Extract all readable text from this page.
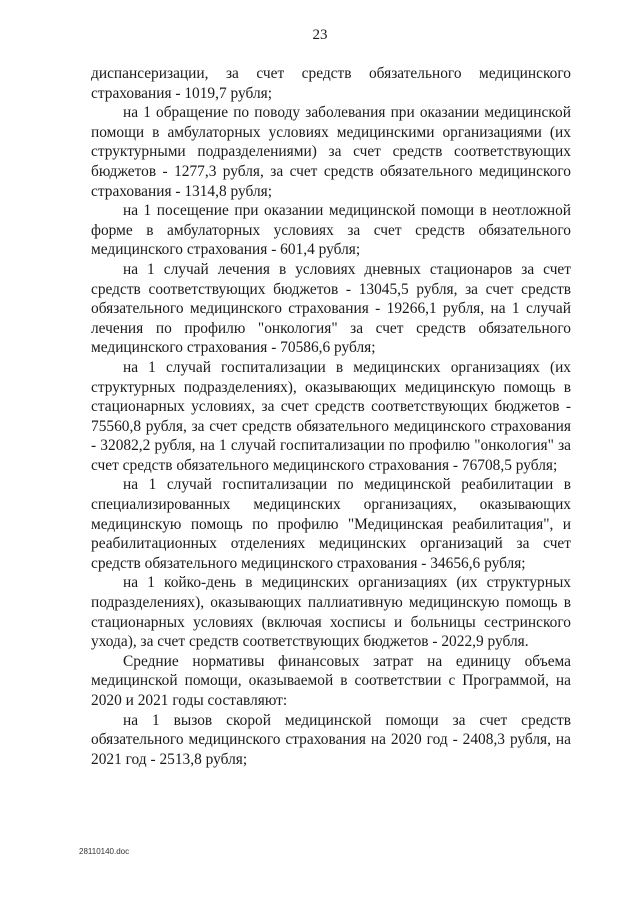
23

диспансеризации, за счет средств обязательного медицинского страхования - 1019,7 рубля;

на 1 обращение по поводу заболевания при оказании медицинской помощи в амбулаторных условиях медицинскими организациями (их структурными подразделениями) за счет средств соответствующих бюджетов - 1277,3 рубля, за счет средств обязательного медицинского страхования - 1314,8 рубля;

на 1 посещение при оказании медицинской помощи в неотложной форме в амбулаторных условиях за счет средств обязательного медицинского страхования - 601,4 рубля;

на 1 случай лечения в условиях дневных стационаров за счет средств соответствующих бюджетов - 13045,5 рубля, за счет средств обязательного медицинского страхования - 19266,1 рубля, на 1 случай лечения по профилю "онкология" за счет средств обязательного медицинского страхования - 70586,6 рубля;

на 1 случай госпитализации в медицинских организациях (их структурных подразделениях), оказывающих медицинскую помощь в стационарных условиях, за счет средств соответствующих бюджетов - 75560,8 рубля, за счет средств обязательного медицинского страхования - 32082,2 рубля, на 1 случай госпитализации по профилю "онкология" за счет средств обязательного медицинского страхования - 76708,5 рубля;

на 1 случай госпитализации по медицинской реабилитации в специализированных медицинских организациях, оказывающих медицинскую помощь по профилю "Медицинская реабилитация", и реабилитационных отделениях медицинских организаций за счет средств обязательного медицинского страхования - 34656,6 рубля;

на 1 койко-день в медицинских организациях (их структурных подразделениях), оказывающих паллиативную медицинскую помощь в стационарных условиях (включая хосписы и больницы сестринского ухода), за счет средств соответствующих бюджетов - 2022,9 рубля.

Средние нормативы финансовых затрат на единицу объема медицинской помощи, оказываемой в соответствии с Программой, на 2020 и 2021 годы составляют:

на 1 вызов скорой медицинской помощи за счет средств обязательного медицинского страхования на 2020 год - 2408,3 рубля, на 2021 год - 2513,8 рубля;

28110140.doc
